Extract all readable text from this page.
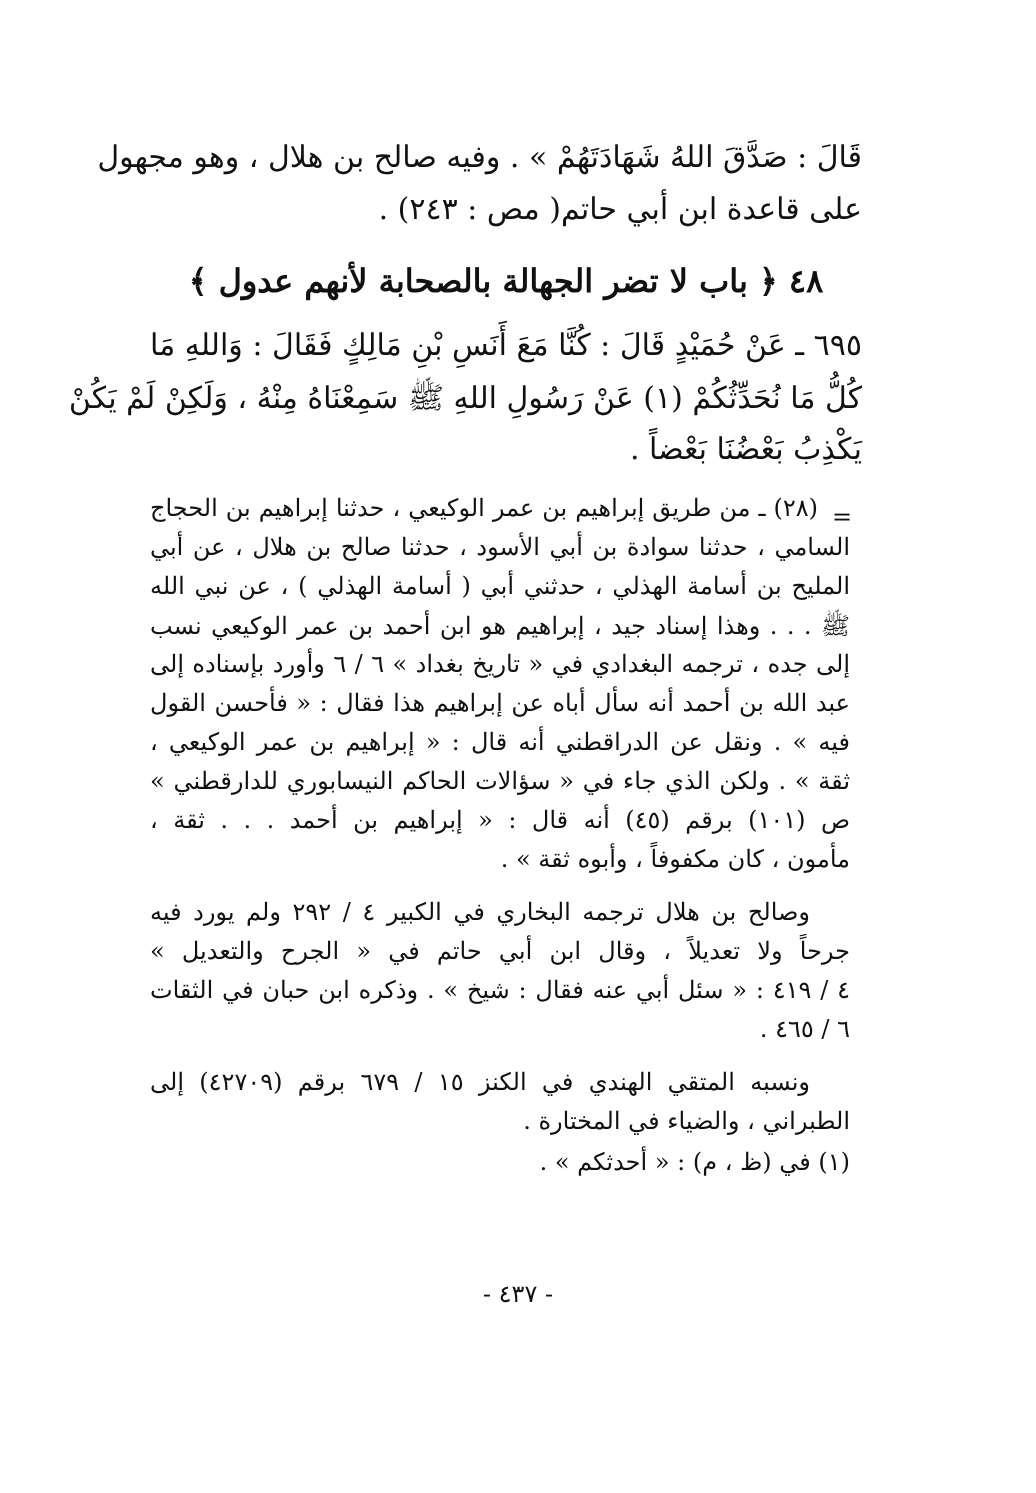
قَالَ : صَدَّقَ اللهُ شَهَادَتَهُمْ » . وفيه صالح بن هلال ، وهو مجهول
على قاعدة ابن أبي حاتم( مص : ٢٤٣) .
٤٨ ﴿ باب لا تضر الجهالة بالصحابة لأنهم عدول ﴾
٦٩٥ ـ عَنْ حُمَيْدٍ قَالَ : كُنَّا مَعَ أَنَسِ بْنِ مَالِكٍ فَقَالَ : وَاللهِ مَا
كُلُّ مَا نُحَدِّثُكُمْ (١) عَنْ رَسُولِ اللهِ ﷺ سَمِعْنَاهُ مِنْهُ ، وَلَكِنْ لَمْ يَكُنْ
يَكْذِبُ بَعْضُنَا بَعْضاً .
=
(٢٨) ـ من طريق إبراهيم بن عمر الوكيعي ، حدثنا إبراهيم بن الحجاج
السامي ، حدثنا سوادة بن أبي الأسود ، حدثنا صالح بن هلال ، عن أبي
المليح بن أسامة الهذلي ، حدثني أبي ( أسامة الهذلي ) ، عن نبي الله
ﷺ . . . وهذا إسناد جيد ، إبراهيم هو ابن أحمد بن عمر الوكيعي نسب
إلى جده ، ترجمه البغدادي في « تاريخ بغداد » ٦ / ٦ وأورد بإسناده إلى
عبد الله بن أحمد أنه سأل أباه عن إبراهيم هذا فقال : « فأحسن القول
فيه » . ونقل عن الدراقطني أنه قال : « إبراهيم بن عمر الوكيعي ،
ثقة » . ولكن الذي جاء في « سؤالات الحاكم النيسابوري للدارقطني »
ص (١٠١) برقم (٤٥) أنه قال : « إبراهيم بن أحمد . . . ثقة ،
مأمون ، كان مكفوفاً ، وأبوه ثقة » .
وصالح بن هلال ترجمه البخاري في الكبير ٤ / ٢٩٢ ولم يورد فيه
جرحاً ولا تعديلاً ، وقال ابن أبي حاتم في « الجرح والتعديل »
٤ / ٤١٩ : « سئل أبي عنه فقال : شيخ » . وذكره ابن حبان في الثقات
٦ / ٤٦٥ .
ونسبه المتقي الهندي في الكنز ١٥ / ٦٧٩ برقم (٤٢٧٠٩) إلى
الطبراني ، والضياء في المختارة .
(١) في (ظ ، م) : « أحدثكم » .
- ٤٣٧ -
